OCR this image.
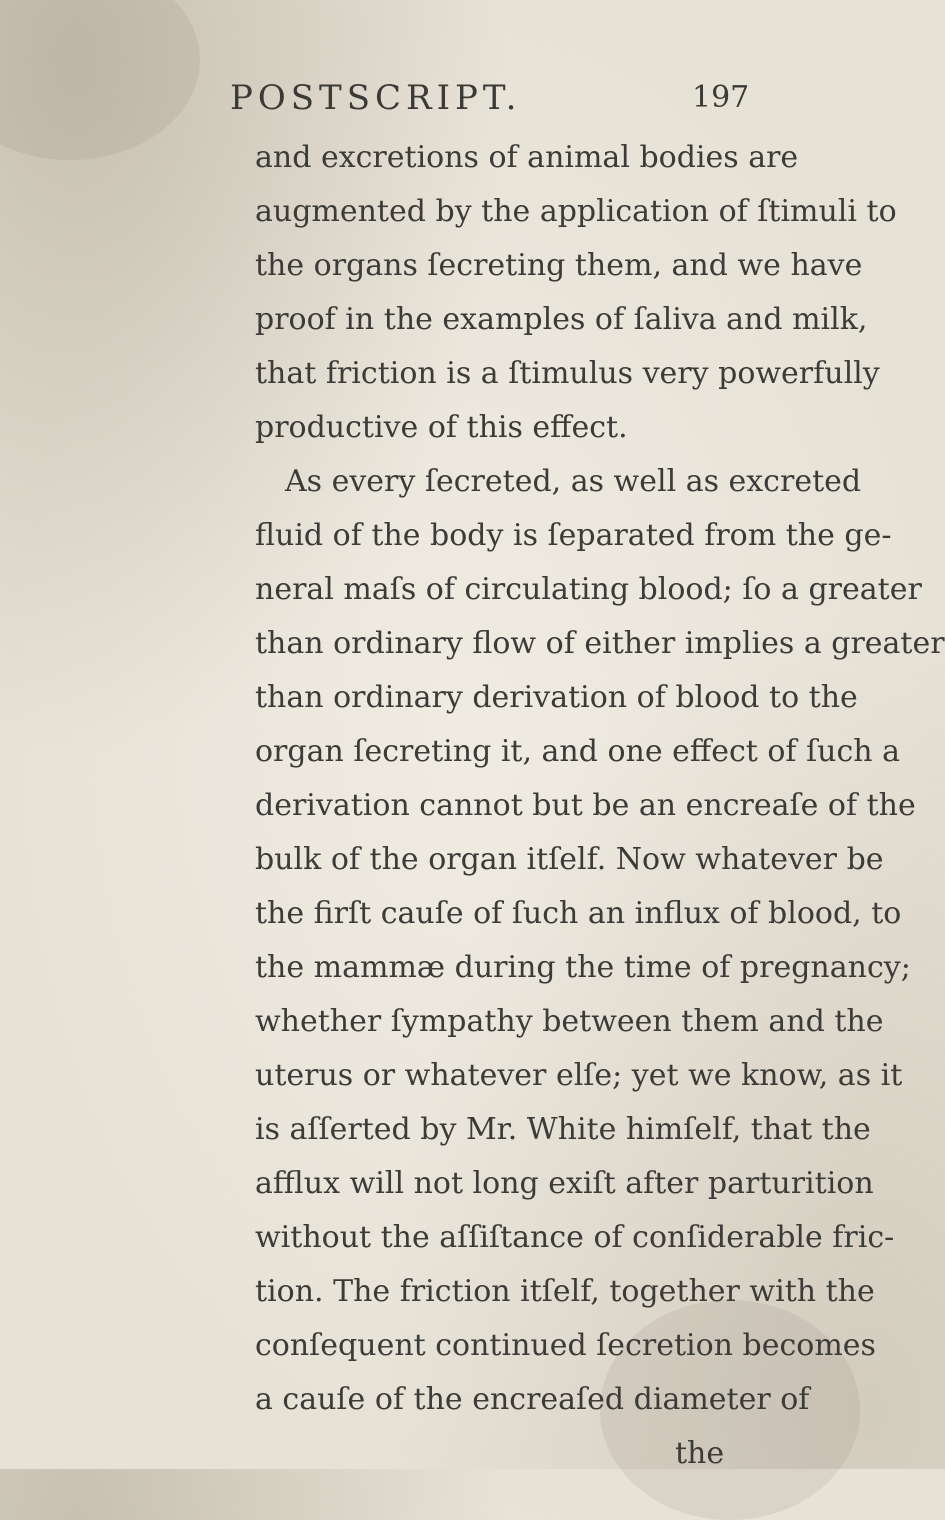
POSTSCRIPT.	197
and excretions of animal bodies are
augmented by the application of ſtimuli to
the organs ſecreting them, and we have
proof in the examples of ſaliva and milk,
that friction is a ſtimulus very powerfully
productive of this effect.
As every ſecreted, as well as excreted
fluid of the body is ſeparated from the ge-
neral maſs of circulating blood; ſo a greater
than ordinary flow of either implies a greater
than ordinary derivation of blood to the
organ ſecreting it, and one effect of ſuch a
derivation cannot but be an encreaſe of the
bulk of the organ itſelf. Now whatever be
the firſt cauſe of ſuch an influx of blood, to
the mammæ during the time of pregnancy;
whether ſympathy between them and the
uterus or whatever elſe; yet we know, as it
is aſſerted by Mr. White himſelf, that the
afflux will not long exiſt after parturition
without the aſſiſtance of conſiderable fric-
tion. The friction itſelf, together with the
conſequent continued ſecretion becomes
a cauſe of the encreaſed diameter of
the
